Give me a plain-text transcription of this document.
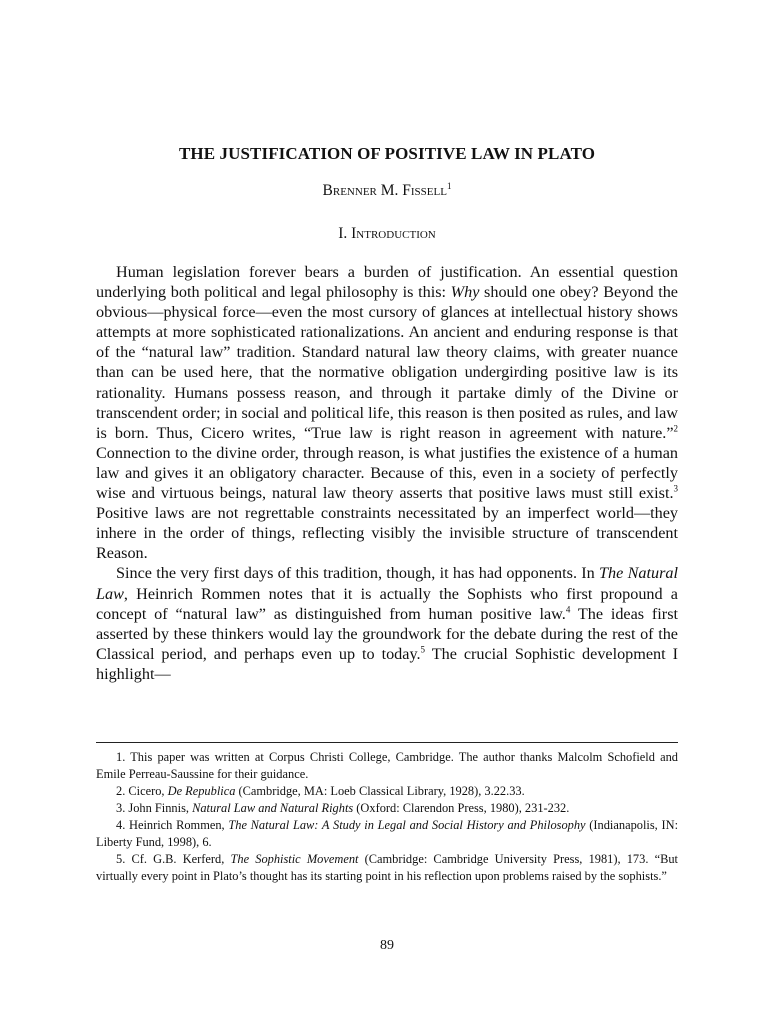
THE JUSTIFICATION OF POSITIVE LAW IN PLATO
Brenner M. Fissell$^1$
I. Introduction

Human legislation forever bears a burden of justification. An essential question underlying both political and legal philosophy is this: Why should one obey? Beyond the obvious—physical force—even the most cursory of glances at intellectual history shows attempts at more sophisticated rationalizations. An ancient and enduring response is that of the “natural law” tradition. Standard natural law theory claims, with greater nuance than can be used here, that the normative obligation undergirding positive law is its rationality. Humans possess reason, and through it partake dimly of the Divine or transcendent order; in social and political life, this reason is then posited as rules, and law is born. Thus, Cicero writes, “True law is right reason in agreement with nature.”$^2$ Connection to the divine order, through reason, is what justifies the existence of a human law and gives it an obligatory character. Because of this, even in a society of perfectly wise and virtuous beings, natural law theory asserts that positive laws must still exist.$^3$ Positive laws are not regrettable constraints necessitated by an imperfect world—they inhere in the order of things, reflecting visibly the invisible structure of transcendent Reason.

Since the very first days of this tradition, though, it has had opponents. In The Natural Law, Heinrich Rommen notes that it is actually the Sophists who first propound a concept of “natural law” as distinguished from human positive law.$^4$ The ideas first asserted by these thinkers would lay the groundwork for the debate during the rest of the Classical period, and perhaps even up to today.$^5$ The crucial Sophistic development I highlight—

1. This paper was written at Corpus Christi College, Cambridge. The author thanks Malcolm Schofield and Emile Perreau-Saussine for their guidance.

2. Cicero, De Republica (Cambridge, MA: Loeb Classical Library, 1928), 3.22.33.

3. John Finnis, Natural Law and Natural Rights (Oxford: Clarendon Press, 1980), 231-232.

4. Heinrich Rommen, The Natural Law: A Study in Legal and Social History and Philosophy (Indianapolis, IN: Liberty Fund, 1998), 6.

5. Cf. G.B. Kerferd, The Sophistic Movement (Cambridge: Cambridge University Press, 1981), 173. “But virtually every point in Plato’s thought has its starting point in his reflection upon problems raised by the sophists.”

89
